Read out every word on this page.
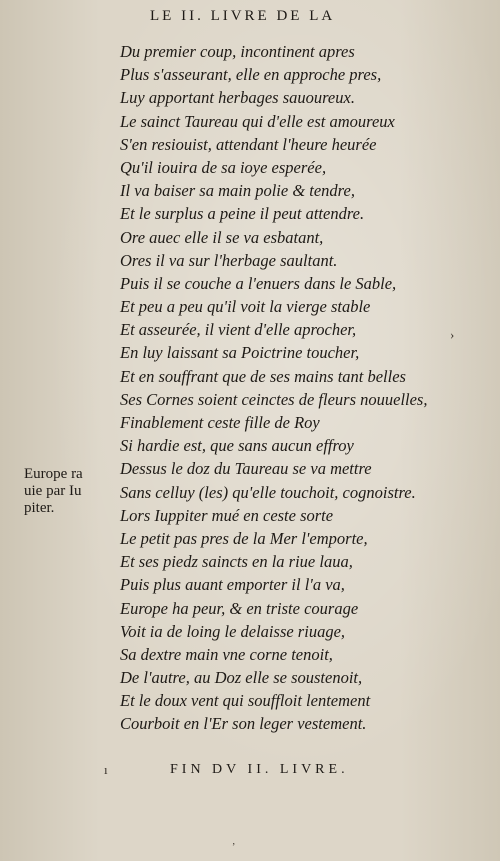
LE II. LIVRE DE LA
Du premier coup, incontinent apres
Plus s'asseurant, elle en approche pres,
Luy apportant herbages sauoureux.
Le sainct Taureau qui d'elle est amoureux
S'en resiouist, attendant l'heure heurée
Qu'il iouira de sa ioye esperée,
Il va baiser sa main polie & tendre,
Et le surplus a peine il peut attendre.
Ore auec elle il se va esbatant,
Ores il va sur l'herbage saultant.
Puis il se couche a l'enuers dans le Sable,
Et peu a peu qu'il voit la vierge stable
Et asseurée, il vient d'elle aprocher,
En luy laissant sa Poictrine toucher,
Et en souffrant que de ses mains tant belles
Ses Cornes soient ceinctes de fleurs nouuelles,
Finablement ceste fille de Roy
Si hardie est, que sans aucun effroy
Dessus le doz du Taureau se va mettre
Sans celluy (les) qu'elle touchoit, cognoistre.
Lors Iuppiter mué en ceste sorte
Le petit pas pres de la Mer l'emporte,
Et ses piedz saincts en la riue laua,
Puis plus auant emporter il l'a va,
Europe ha peur, & en triste courage
Voit ia de loing le delaisse riuage,
Sa dextre main vne corne tenoit,
De l'autre, au Doz elle se soustenoit,
Et le doux vent qui souffloit lentement
Courboit en l'Er son leger vestement.
Europe ra
uie par Iu
piter.
›
ı	FIN DV II. LIVRE.
ʼ
